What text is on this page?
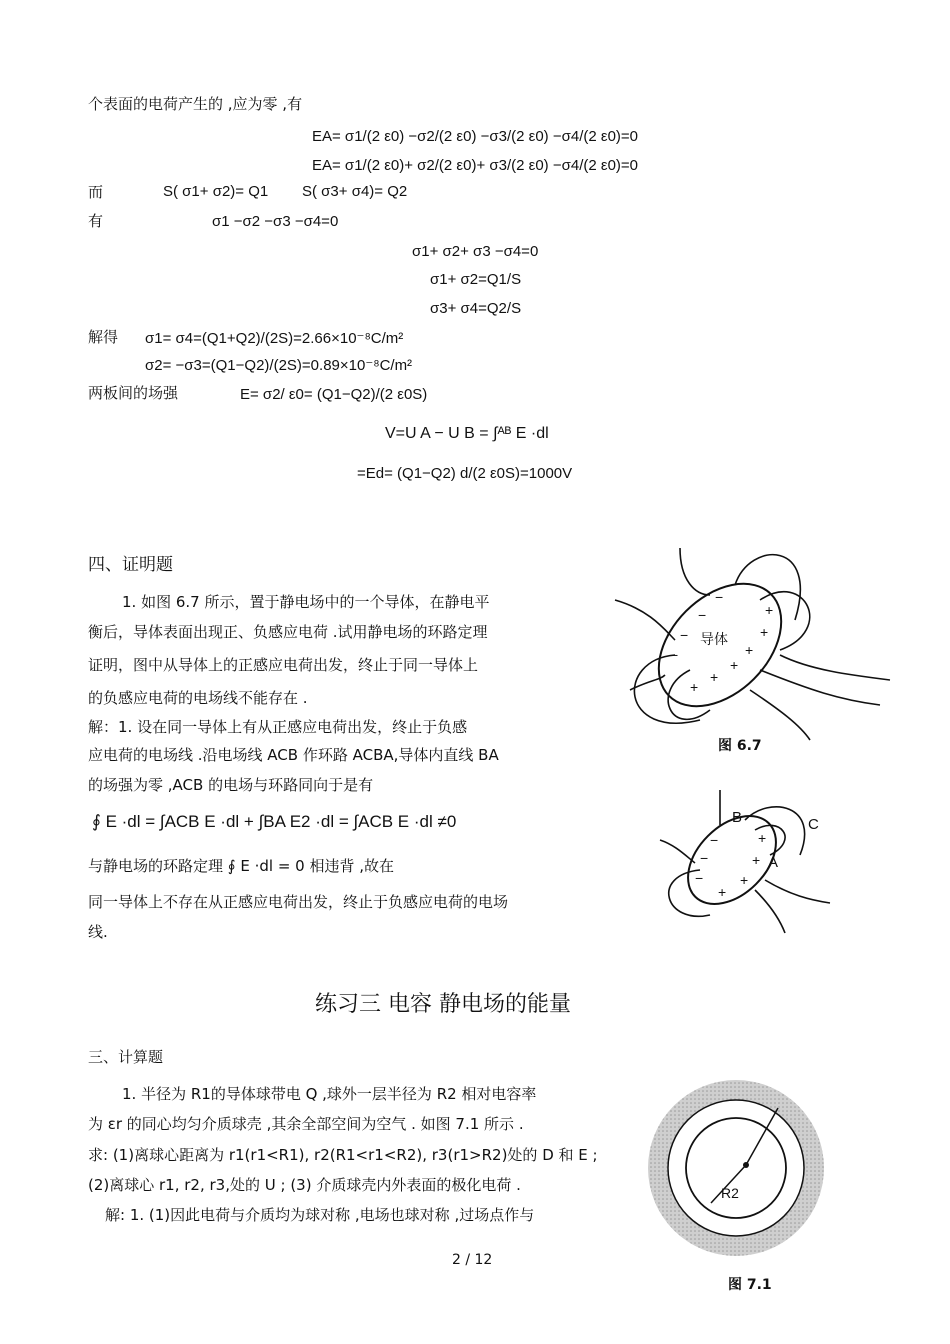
个表面的电荷产生的 ,应为零 ,有
EA= σ1/(2 ε0) −σ2/(2 ε0) −σ3/(2 ε0) −σ4/(2 ε0)=0
EA= σ1/(2 ε0)+ σ2/(2 ε0)+ σ3/(2 ε0) −σ4/(2 ε0)=0
而	S( σ1+ σ2)= Q1 S( σ3+ σ4)= Q2
有	σ1 −σ2 −σ3 −σ4=0
σ1+ σ2+ σ3 −σ4=0
σ1+ σ2=Q1/S
σ3+ σ4=Q2/S
解得 σ1= σ4=(Q1+Q2)/(2S)=2.66×10⁻⁸C/m²
σ2= −σ3=(Q1−Q2)/(2S)=0.89×10⁻⁸C/m²
两板间的场强	E= σ2/ ε0= (Q1−Q2)/(2 ε0S)
V=U A − U B = ∫ᴬᴮ E ·dl
=Ed= (Q1−Q2) d/(2 ε0S)=1000V
四、证明题
1. 如图 6.7 所示，置于静电场中的一个导体，在静电平
衡后，导体表面出现正、负感应电荷 .试用静电场的环路定理
证明，图中从导体上的正感应电荷出发，终止于同一导体上
的负感应电荷的电场线不能存在 .
解：1. 设在同一导体上有从正感应电荷出发，终止于负感
应电荷的电场线 .沿电场线 ACB 作环路 ACBA,导体内直线 BA
的场强为零 ,ACB 的电场与环路同向于是有
∮ E ·dl = ∫ACB E ·dl + ∫BA E2 ·dl = ∫ACB E ·dl ≠0
与静电场的环路定理 ∮ E ·dl = 0 相违背 ,故在
同一导体上不存在从正感应电荷出发，终止于负感应电荷的电场
线.
−
−
−
−
+
+
+
+
+
+
导体
图 6.7
−
−
−
+
+
+
+
B	C
A
练习三 电容 静电场的能量
三、计算题
1. 半径为 R1的导体球带电 Q ,球外一层半径为 R2 相对电容率
为 εr 的同心均匀介质球壳 ,其余全部空间为空气 . 如图 7.1 所示 .
求: (1)离球心距离为 r1(r1<R1), r2(R1<r1<R2), r3(r1>R2)处的 D 和 E ;
(2)离球心 r1, r2, r3,处的 U ; (3) 介质球壳内外表面的极化电荷 .
解: 1. (1)因此电荷与介质均为球对称 ,电场也球对称 ,过场点作与
R2
图 7.1
2 / 12
